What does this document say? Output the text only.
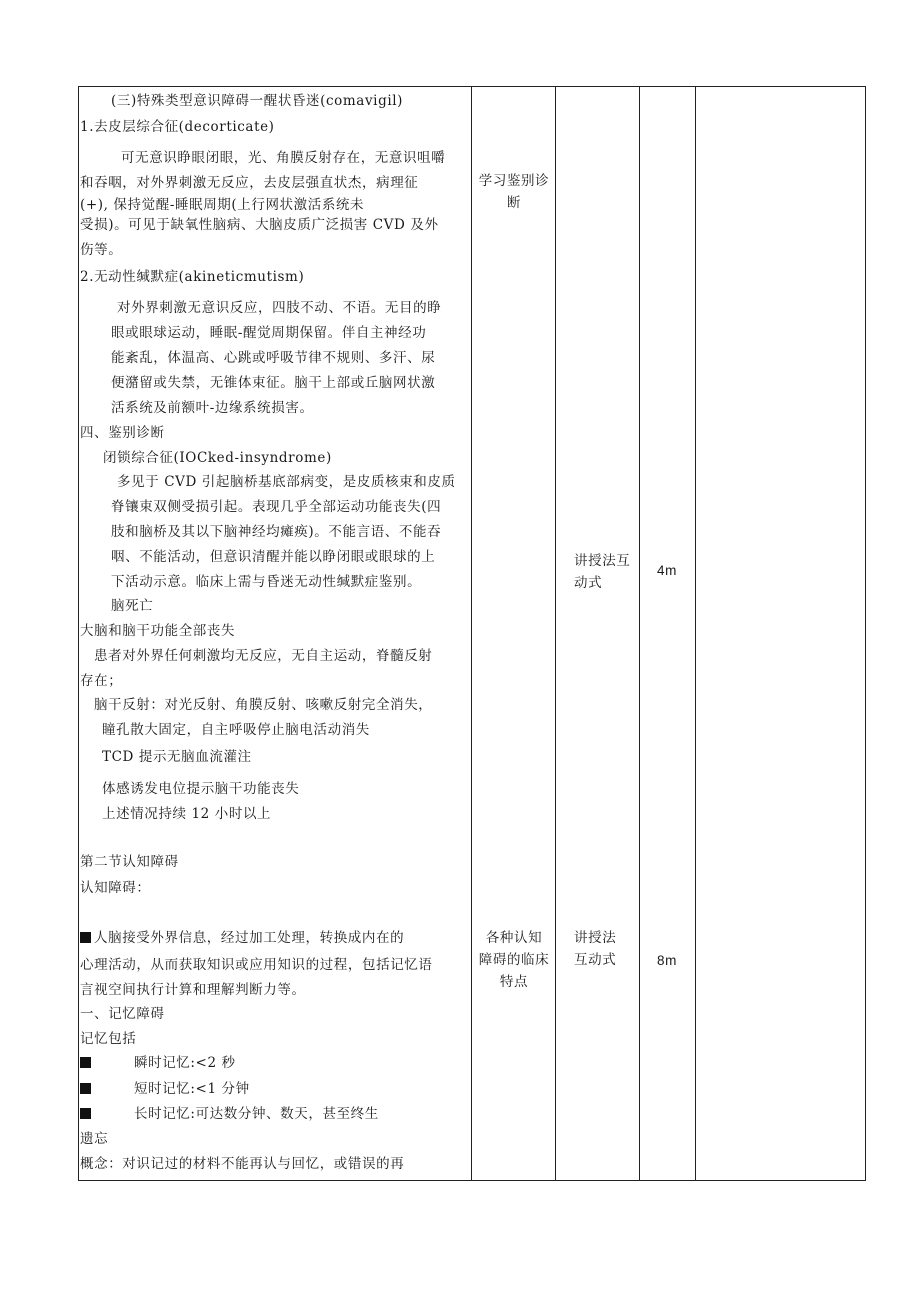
(三)特殊类型意识障碍一醒状昏迷(comavigil)
1.去皮层综合征(decorticate)
可无意识睁眼闭眼，光、角膜反射存在，无意识咀嚼
和吞咽，对外界刺激无反应，去皮层强直状杰，病理征
(+), 保持觉醒-睡眠周期(上行网状激活系统未
受损)。可见于缺氧性脑病、大脑皮质广泛损害 CVD 及外
伤等。
2.无动性缄默症(akineticmutism)
对外界刺激无意识反应，四肢不动、不语。无目的睁
眼或眼球运动，睡眠-醒觉周期保留。伴自主神经功
能紊乱，体温高、心跳或呼吸节律不规则、多汗、尿
便潴留或失禁，无锥体束征。脑干上部或丘脑网状激
活系统及前额叶-边缘系统损害。
四、鉴别诊断
闭锁综合征(IOCked-insyndrome)
多见于 CVD 引起脑桥基底部病变，是皮质核束和皮质
脊镶束双侧受损引起。表现几乎全部运动功能丧失(四
肢和脑桥及其以下脑神经均瘫痪)。不能言语、不能吞
咽、不能活动，但意识清醒并能以睁闭眼或眼球的上
下活动示意。临床上需与昏迷无动性缄默症鉴别。
脑死亡
大脑和脑干功能全部丧失
患者对外界任何刺激均无反应，无自主运动，脊髓反射
存在；
脑干反射：对光反射、角膜反射、咳嗽反射完全消失，
瞳孔散大固定，自主呼吸停止脑电活动消失
TCD 提示无脑血流灌注
体感诱发电位提示脑干功能丧失
上述情况持续 12 小时以上
第二节认知障碍
认知障碍：
人脑接受外界信息，经过加工处理，转换成内在的
心理活动，从而获取知识或应用知识的过程，包括记忆语
言视空间执行计算和理解判断力等。
一、记忆障碍
记忆包括
瞬时记忆:<2 秒
短时记忆:<1 分钟
长时记忆:可达数分钟、数天，甚至终生
遗忘
概念：对识记过的材料不能再认与回忆，或错误的再
学习鉴别诊
断
讲授法互
动式
4m
各种认知
障碍的临床
特点
讲授法
互动式	8m
